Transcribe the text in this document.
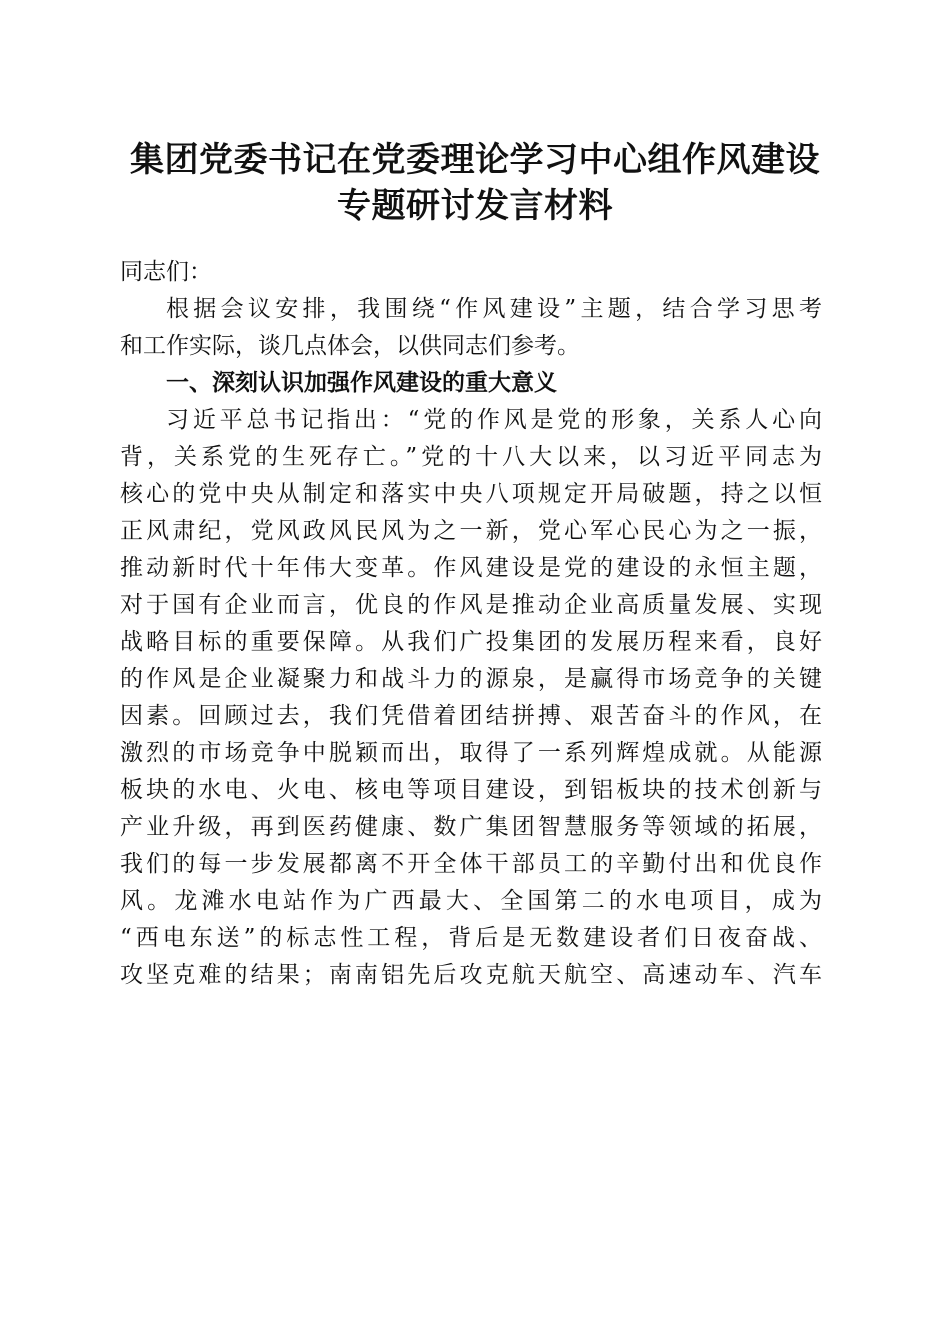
集团党委书记在党委理论学习中心组作风建设
专题研讨发言材料

同志们：

根据会议安排，我围绕“作风建设”主题，结合学习思考
和工作实际，谈几点体会，以供同志们参考。

一、深刻认识加强作风建设的重大意义

习近平总书记指出：“党的作风是党的形象，关系人心向
背，关系党的生死存亡。”党的十八大以来，以习近平同志为
核心的党中央从制定和落实中央八项规定开局破题，持之以恒
正风肃纪，党风政风民风为之一新，党心军心民心为之一振，
推动新时代十年伟大变革。作风建设是党的建设的永恒主题，
对于国有企业而言，优良的作风是推动企业高质量发展、实现
战略目标的重要保障。从我们广投集团的发展历程来看，良好
的作风是企业凝聚力和战斗力的源泉，是赢得市场竞争的关键
因素。回顾过去，我们凭借着团结拼搏、艰苦奋斗的作风，在
激烈的市场竞争中脱颖而出，取得了一系列辉煌成就。从能源
板块的水电、火电、核电等项目建设，到铝板块的技术创新与
产业升级，再到医药健康、数广集团智慧服务等领域的拓展，
我们的每一步发展都离不开全体干部员工的辛勤付出和优良作
风。龙滩水电站作为广西最大、全国第二的水电项目，成为
“西电东送”的标志性工程，背后是无数建设者们日夜奋战、
攻坚克难的结果；南南铝先后攻克航天航空、高速动车、汽车
